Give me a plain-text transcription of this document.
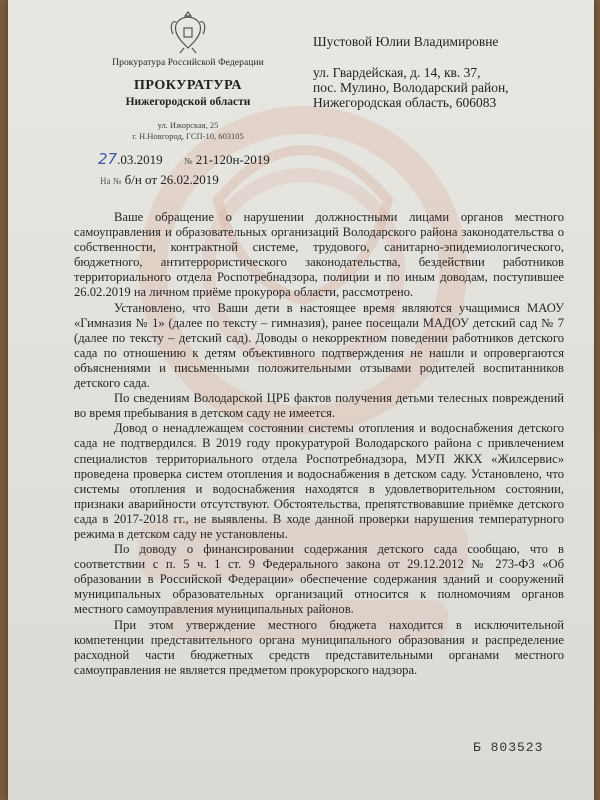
Прокуратура Российской Федерации
ПРОКУРАТУРА
Нижегородской области
ул. Ижорская, 25
г. Н.Новгород, ГСП-10, 603105
27.03.2019 № 21-120н-2019
На № б/н от 26.02.2019
Шустовой Юлии Владимировне
ул. Гвардейская, д. 14, кв. 37,
пос. Мулино, Володарский район,
Нижегородская область, 606083

Ваше обращение о нарушении должностными лицами органов местного самоуправления и образовательных организаций Володарского района законодательства о собственности, контрактной системе, трудового, санитарно-эпидемиологического, бюджетного, антитеррористического законодательства, бездействии работников территориального отдела Роспотребнадзора, полиции и по иным доводам, поступившее 26.02.2019 на личном приёме прокурора области, рассмотрено.

Установлено, что Ваши дети в настоящее время являются учащимися МАОУ «Гимназия № 1» (далее по тексту – гимназия), ранее посещали МАДОУ детский сад № 7 (далее по тексту – детский сад). Доводы о некорректном поведении работников детского сада по отношению к детям объективного подтверждения не нашли и опровергаются объяснениями и письменными положительными отзывами родителей воспитанников детского сада.

По сведениям Володарской ЦРБ фактов получения детьми телесных повреждений во время пребывания в детском саду не имеется.

Довод о ненадлежащем состоянии системы отопления и водоснабжения детского сада не подтвердился. В 2019 году прокуратурой Володарского района с привлечением специалистов территориального отдела Роспотребнадзора, МУП ЖКХ «Жилсервис» проведена проверка систем отопления и водоснабжения в детском саду. Установлено, что системы отопления и водоснабжения находятся в удовлетворительном состоянии, признаки аварийности отсутствуют. Обстоятельства, препятствовавшие приёмке детского сада в 2017-2018 гг., не выявлены. В ходе данной проверки нарушения температурного режима в детском саду не установлены.

По доводу о финансировании содержания детского сада сообщаю, что в соответствии с п. 5 ч. 1 ст. 9 Федерального закона от 29.12.2012 № 273-ФЗ «Об образовании в Российской Федерации» обеспечение содержания зданий и сооружений муниципальных образовательных организаций относится к полномочиям органов местного самоуправления муниципальных районов.

При этом утверждение местного бюджета находится в исключительной компетенции представительного органа муниципального образования и распределение расходной части бюджетных средств представительными органами местного самоуправления не является предметом прокурорского надзора.

Б 803523
